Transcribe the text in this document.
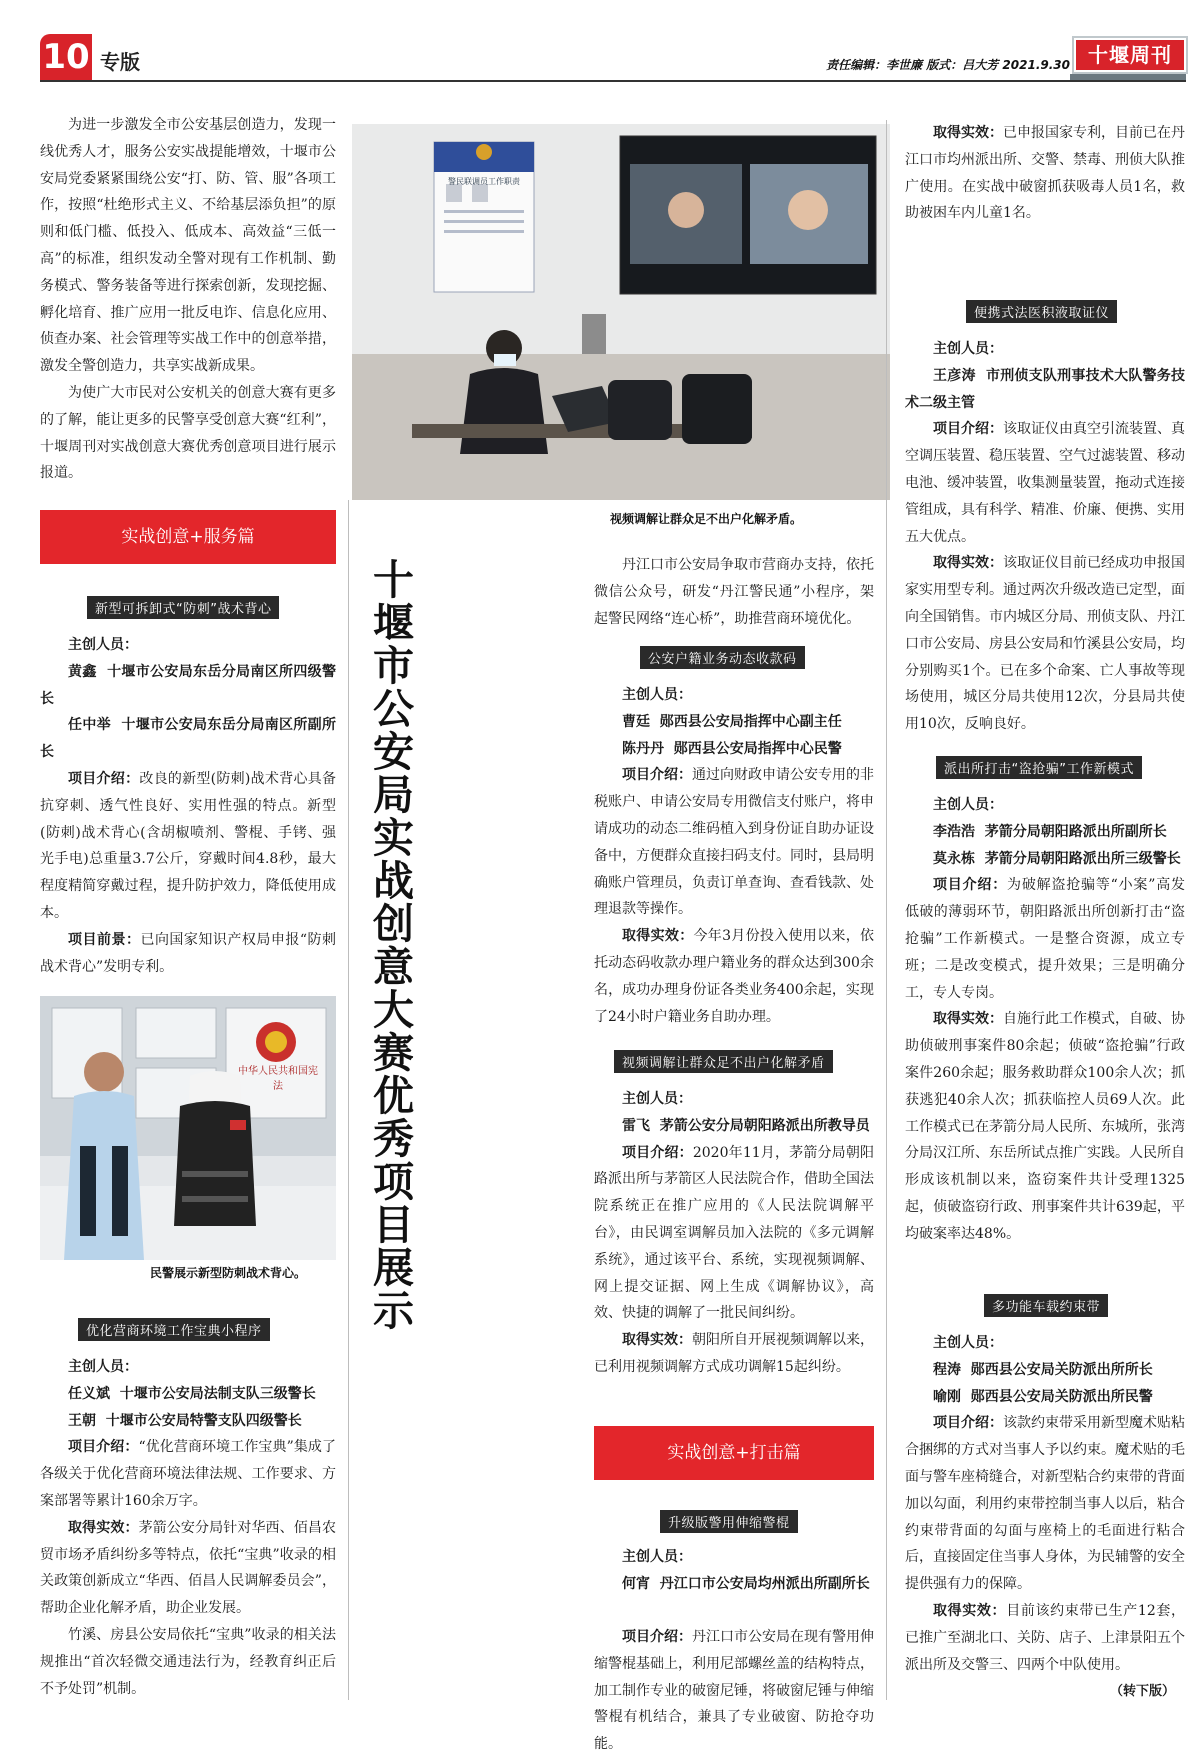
10 专版	责任编辑：李世廉 版式：吕大芳 2021.9.30 十堰周刊

为进一步激发全市公安基层创造力，发现一线优秀人才，服务公安实战提能增效，十堰市公安局党委紧紧围绕公安“打、防、管、服”各项工作，按照“杜绝形式主义、不给基层添负担”的原则和低门槛、低投入、低成本、高效益“三低一高”的标准，组织发动全警对现有工作机制、勤务模式、警务装备等进行探索创新，发现挖掘、孵化培育、推广应用一批反电诈、信息化应用、侦查办案、社会管理等实战工作中的创意举措，激发全警创造力，共享实战新成果。

为使广大市民对公安机关的创意大赛有更多的了解，能让更多的民警享受创意大赛“红利”，十堰周刊对实战创意大赛优秀创意项目进行展示报道。

实战创意+服务篇
新型可拆卸式“防刺”战术背心

主创人员：

黄鑫 十堰市公安局东岳分局南区所四级警长

任中举 十堰市公安局东岳分局南区所副所长

项目介绍：改良的新型(防刺)战术背心具备抗穿刺、透气性良好、实用性强的特点。新型(防刺)战术背心(含胡椒喷剂、警棍、手铐、强光手电)总重量3.7公斤，穿戴时间4.8秒，最大程度精简穿戴过程，提升防护效力，降低使用成本。

项目前景：已向国家知识产权局申报“防刺战术背心”发明专利。

中华人民共和国宪法
民警展示新型防刺战术背心。
优化营商环境工作宝典小程序

主创人员：

任义斌 十堰市公安局法制支队三级警长

王朝 十堰市公安局特警支队四级警长

项目介绍：“优化营商环境工作宝典”集成了各级关于优化营商环境法律法规、工作要求、方案部署等累计160余万字。

取得实效：茅箭公安分局针对华西、佰昌农贸市场矛盾纠纷多等特点，依托“宝典”收录的相关政策创新成立“华西、佰昌人民调解委员会”，帮助企业化解矛盾，助企业发展。

竹溪、房县公安局依托“宝典”收录的相关法规推出“首次轻微交通违法行为，经教育纠正后不予处罚”机制。

十堰市公安局实战创意大赛优秀项目展示
警民联调员工作职责
视频调解让群众足不出户化解矛盾。

丹江口市公安局争取市营商办支持，依托微信公众号，研发“丹江警民通”小程序，架起警民网络“连心桥”，助推营商环境优化。

公安户籍业务动态收款码

主创人员：

曹廷 郧西县公安局指挥中心副主任

陈丹丹 郧西县公安局指挥中心民警

项目介绍：通过向财政申请公安专用的非税账户、申请公安局专用微信支付账户，将申请成功的动态二维码植入到身份证自助办证设备中，方便群众直接扫码支付。同时，县局明确账户管理员，负责订单查询、查看钱款、处理退款等操作。

取得实效：今年3月份投入使用以来，依托动态码收款办理户籍业务的群众达到300余名，成功办理身份证各类业务400余起，实现了24小时户籍业务自助办理。

视频调解让群众足不出户化解矛盾

主创人员：

雷飞 茅箭公安分局朝阳路派出所教导员

项目介绍：2020年11月，茅箭分局朝阳路派出所与茅箭区人民法院合作，借助全国法院系统正在推广应用的《人民法院调解平台》，由民调室调解员加入法院的《多元调解系统》，通过该平台、系统，实现视频调解、网上提交证据、网上生成《调解协议》，高效、快捷的调解了一批民间纠纷。

取得实效：朝阳所自开展视频调解以来，已利用视频调解方式成功调解15起纠纷。

实战创意+打击篇
升级版警用伸缩警棍

主创人员：

何宵 丹江口市公安局均州派出所副所长

项目介绍：丹江口市公安局在现有警用伸缩警棍基础上，利用尼部螺丝盖的结构特点，加工制作专业的破窗尼锤，将破窗尼锤与伸缩警棍有机结合，兼具了专业破窗、防抢夺功能。

取得实效：已申报国家专利，目前已在丹江口市均州派出所、交警、禁毒、刑侦大队推广使用。在实战中破窗抓获吸毒人员1名，救助被困车内儿童1名。

便携式法医积液取证仪

主创人员：

王彦涛 市刑侦支队刑事技术大队警务技术二级主管

项目介绍：该取证仪由真空引流装置、真空调压装置、稳压装置、空气过滤装置、移动电池、缓冲装置，收集测量装置，拖动式连接管组成，具有科学、精准、价廉、便携、实用五大优点。

取得实效：该取证仪目前已经成功申报国家实用型专利。通过两次升级改造已定型，面向全国销售。市内城区分局、刑侦支队、丹江口市公安局、房县公安局和竹溪县公安局，均分别购买1个。已在多个命案、亡人事故等现场使用，城区分局共使用12次，分县局共使用10次，反响良好。

派出所打击“盗抢骗”工作新模式

主创人员：

李浩浩 茅箭分局朝阳路派出所副所长

莫永栋 茅箭分局朝阳路派出所三级警长

项目介绍：为破解盗抢骗等“小案”高发低破的薄弱环节，朝阳路派出所创新打击“盗抢骗”工作新模式。一是整合资源，成立专班；二是改变模式，提升效果；三是明确分工，专人专岗。

取得实效：自施行此工作模式，自破、协助侦破刑事案件80余起；侦破“盗抢骗”行政案件260余起；服务救助群众100余人次；抓获逃犯40余人次；抓获临控人员69人次。此工作模式已在茅箭分局人民所、东城所，张湾分局汉江所、东岳所试点推广实践。人民所自形成该机制以来，盗窃案件共计受理1325起，侦破盗窃行政、刑事案件共计639起，平均破案率达48%。

多功能车载约束带

主创人员：

程涛 郧西县公安局关防派出所所长

喻刚 郧西县公安局关防派出所民警

项目介绍：该款约束带采用新型魔术贴粘合捆绑的方式对当事人予以约束。魔术贴的毛面与警车座椅缝合，对新型粘合约束带的背面加以勾面，利用约束带控制当事人以后，粘合约束带背面的勾面与座椅上的毛面进行粘合后，直接固定住当事人身体，为民辅警的安全提供强有力的保障。

取得实效：目前该约束带已生产12套，已推广至湖北口、关防、店子、上津景阳五个派出所及交警三、四两个中队使用。

（转下版）
